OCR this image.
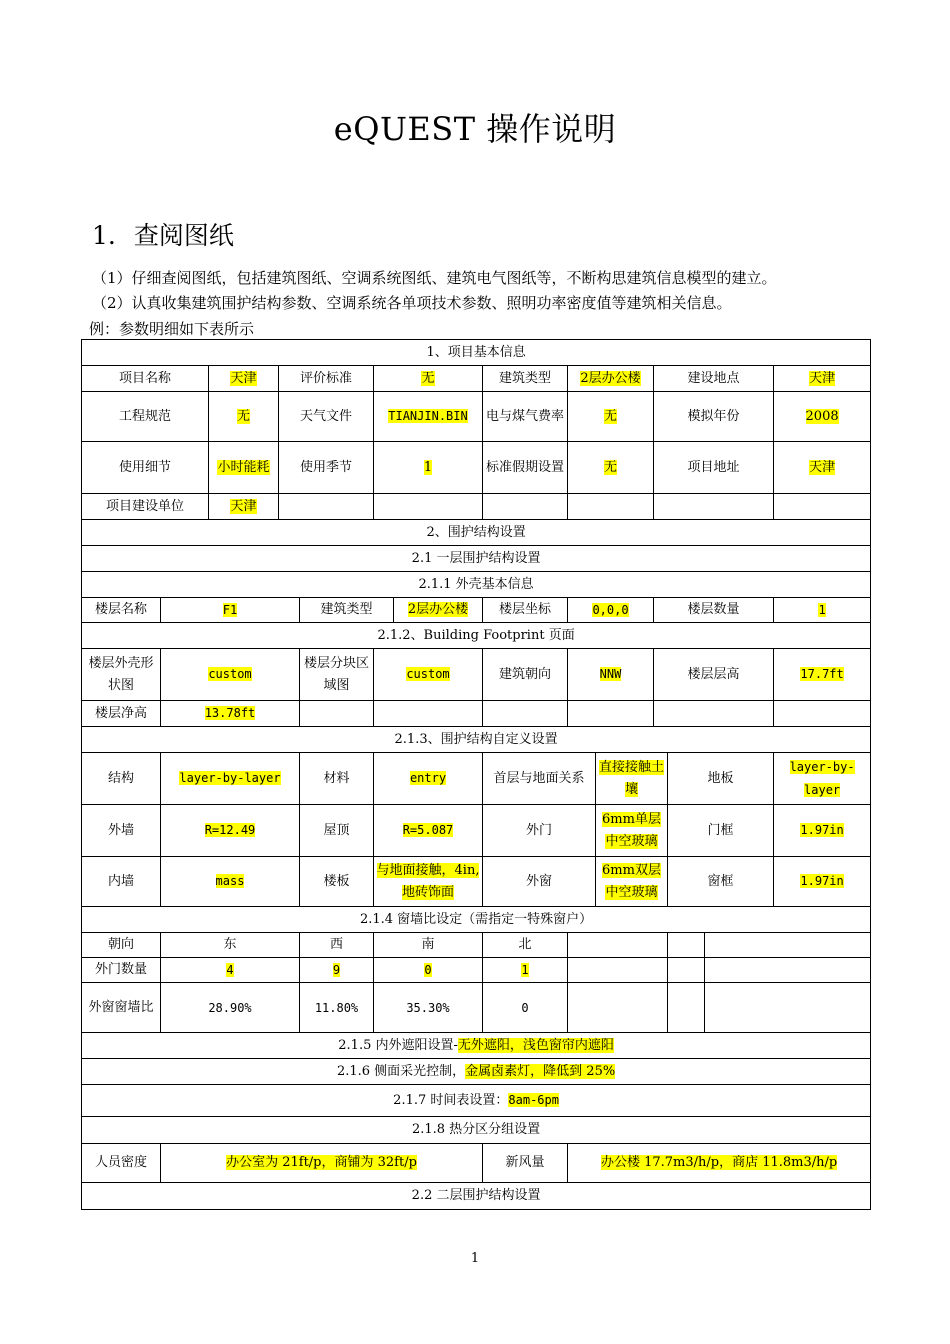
eQUEST 操作说明
1. 查阅图纸
（1）仔细查阅图纸，包括建筑图纸、空调系统图纸、建筑电气图纸等，不断构思建筑信息模型的建立。
（2）认真收集建筑围护结构参数、空调系统各单项技术参数、照明功率密度值等建筑相关信息。
例：参数明细如下表所示
1、项目基本信息													
项目名称		天津	评价标准		无		建筑类型	2层办公楼		建设地点			天津
工程规范		无	天气文件		TIANJIN.BIN		电与煤气费率	无		模拟年份			2008
使用细节		小时能耗	使用季节		1		标准假期设置	无		项目地址			天津
项目建设单位		天津											
2、围护结构设置													
2.1 一层围护结构设置													
2.1.1 外壳基本信息													
楼层名称	F1			建筑类型		2层办公楼	楼层坐标	0,0,0		楼层数量			1
2.1.2、Building Footprint 页面													
楼层外壳形状图	custom			楼层分块区域图	custom		建筑朝向	NNW		楼层层高			17.7ft
楼层净高	13.78ft												
2.1.3、围护结构自定义设置													
结构	layer-by-layer			材料	entry		首层与地面关系		直接接触土壤		地板		layer-by-layer
外墙	R=12.49			屋顶	R=5.087		外门		6mm单层中空玻璃		门框		1.97in
内墙	mass			楼板	与地面接触，4in,地砖饰面		外窗		6mm双层中空玻璃		窗框		1.97in
2.1.4 窗墙比设定（需指定一特殊窗户）													
朝向	东			西	南		北						
外门数量	4			9	0		1						
外窗窗墙比	28.90%			11.80%	35.30%		0						
2.1.5 内外遮阳设置-无外遮阳，浅色窗帘内遮阳													
2.1.6 侧面采光控制，金属卤素灯，降低到 25%													
2.1.7 时间表设置：8am-6pm													
2.1.8 热分区分组设置													
人员密度	办公室为 21ft/p，商铺为 32ft/p						新风量	办公楼 17.7m3/h/p，商店 11.8m3/h/p					
2.2 二层围护结构设置													
1
